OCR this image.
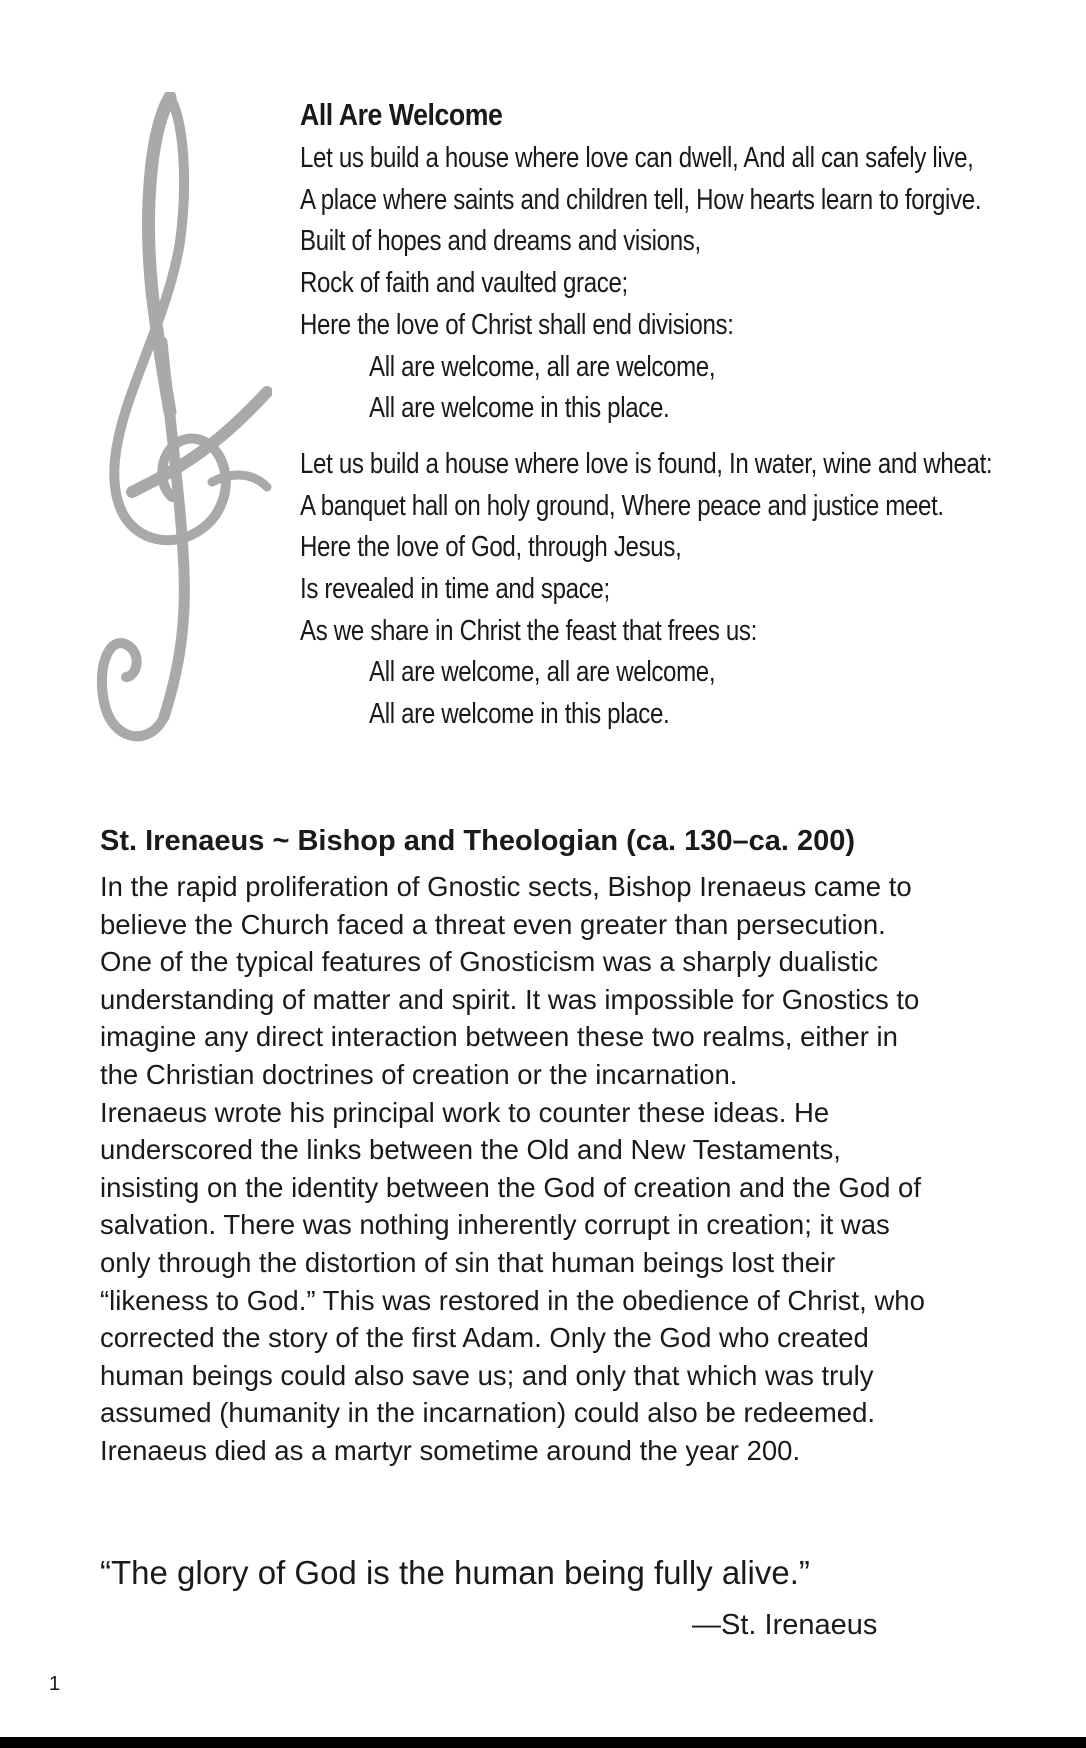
All Are Welcome
Let us build a house where love can dwell, And all can safely live,
A place where saints and children tell, How hearts learn to forgive.
Built of hopes and dreams and visions,
Rock of faith and vaulted grace;
Here the love of Christ shall end divisions:
All are welcome, all are welcome,
All are welcome in this place.
Let us build a house where love is found, In water, wine and wheat:
A banquet hall on holy ground, Where peace and justice meet.
Here the love of God, through Jesus,
Is revealed in time and space;
As we share in Christ the feast that frees us:
All are welcome, all are welcome,
All are welcome in this place.
St. Irenaeus ~ Bishop and Theologian (ca. 130–ca. 200)
In the rapid proliferation of Gnostic sects, Bishop Irenaeus came to
believe the Church faced a threat even greater than persecution.
One of the typical features of Gnosticism was a sharply dualistic
understanding of matter and spirit. It was impossible for Gnostics to
imagine any direct interaction between these two realms, either in
the Christian doctrines of creation or the incarnation.
Irenaeus wrote his principal work to counter these ideas. He
underscored the links between the Old and New Testaments,
insisting on the identity between the God of creation and the God of
salvation. There was nothing inherently corrupt in creation; it was
only through the distortion of sin that human beings lost their
“likeness to God.” This was restored in the obedience of Christ, who
corrected the story of the first Adam. Only the God who created
human beings could also save us; and only that which was truly
assumed (humanity in the incarnation) could also be redeemed.
Irenaeus died as a martyr sometime around the year 200.
“The glory of God is the human being fully alive.”
—St. Irenaeus
1
